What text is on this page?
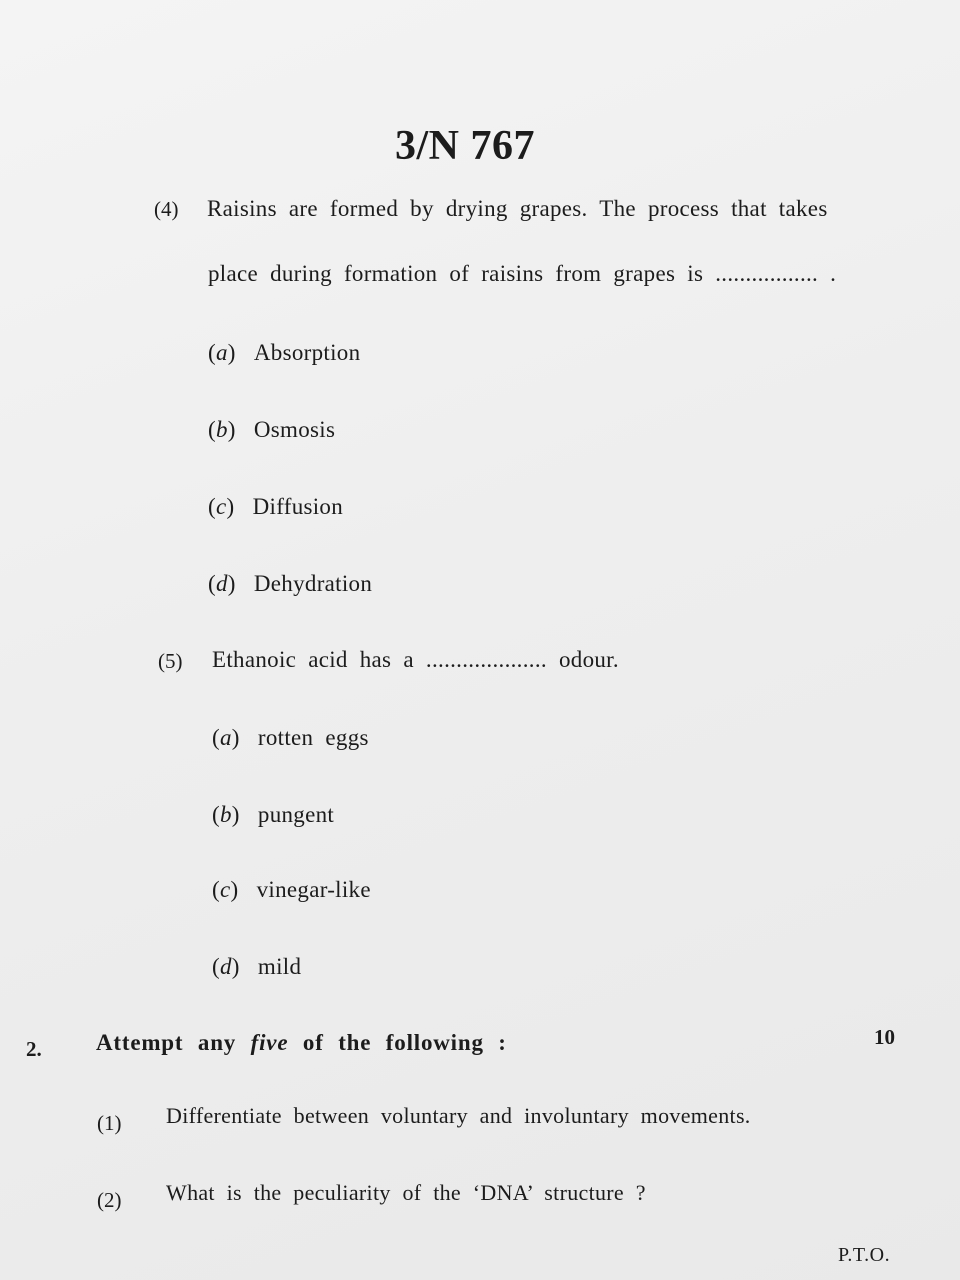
3/N 767
(4) Raisins are formed by drying grapes. The process that takes
place during formation of raisins from grapes is ................. .
(a)   Absorption
(b)   Osmosis
(c)   Diffusion
(d)   Dehydration
(5) Ethanoic acid has a .................... odour.
(a)   rotten eggs
(b)   pungent
(c)   vinegar-like
(d)   mild
2. Attempt any five of the following :	10
(1) Differentiate between voluntary and involuntary movements.
(2) What is the peculiarity of the ‘DNA’ structure ?
P.T.O.
